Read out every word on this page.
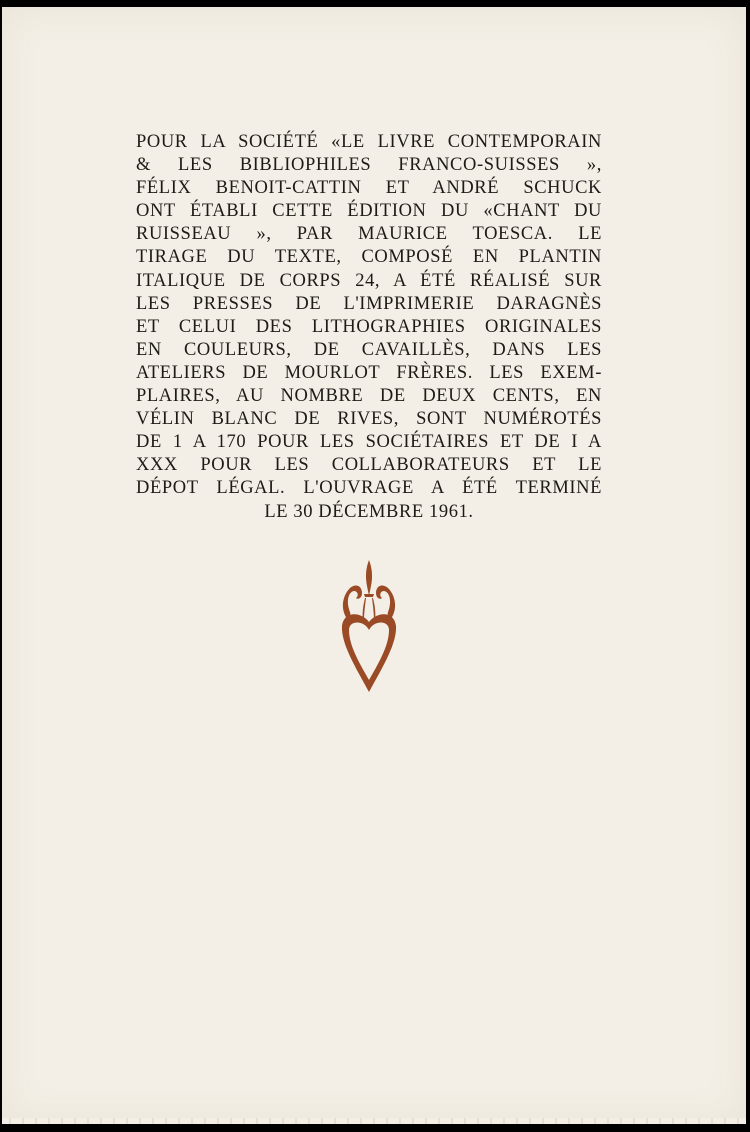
POUR LA SOCIÉTÉ «LE LIVRE CONTEMPORAIN
& LES BIBLIOPHILES FRANCO-SUISSES »,
FÉLIX BENOIT-CATTIN ET ANDRÉ SCHUCK
ONT ÉTABLI CETTE ÉDITION DU «CHANT DU
RUISSEAU », PAR MAURICE TOESCA. LE
TIRAGE DU TEXTE, COMPOSÉ EN PLANTIN
ITALIQUE DE CORPS 24, A ÉTÉ RÉALISÉ SUR
LES PRESSES DE L'IMPRIMERIE DARAGNÈS
ET CELUI DES LITHOGRAPHIES ORIGINALES
EN COULEURS, DE CAVAILLÈS, DANS LES
ATELIERS DE MOURLOT FRÈRES. LES EXEM-
PLAIRES, AU NOMBRE DE DEUX CENTS, EN
VÉLIN BLANC DE RIVES, SONT NUMÉROTÉS
DE 1 A 170 POUR LES SOCIÉTAIRES ET DE I A
XXX POUR LES COLLABORATEURS ET LE
DÉPOT LÉGAL. L'OUVRAGE A ÉTÉ TERMINÉ
LE 30 DÉCEMBRE 1961.
